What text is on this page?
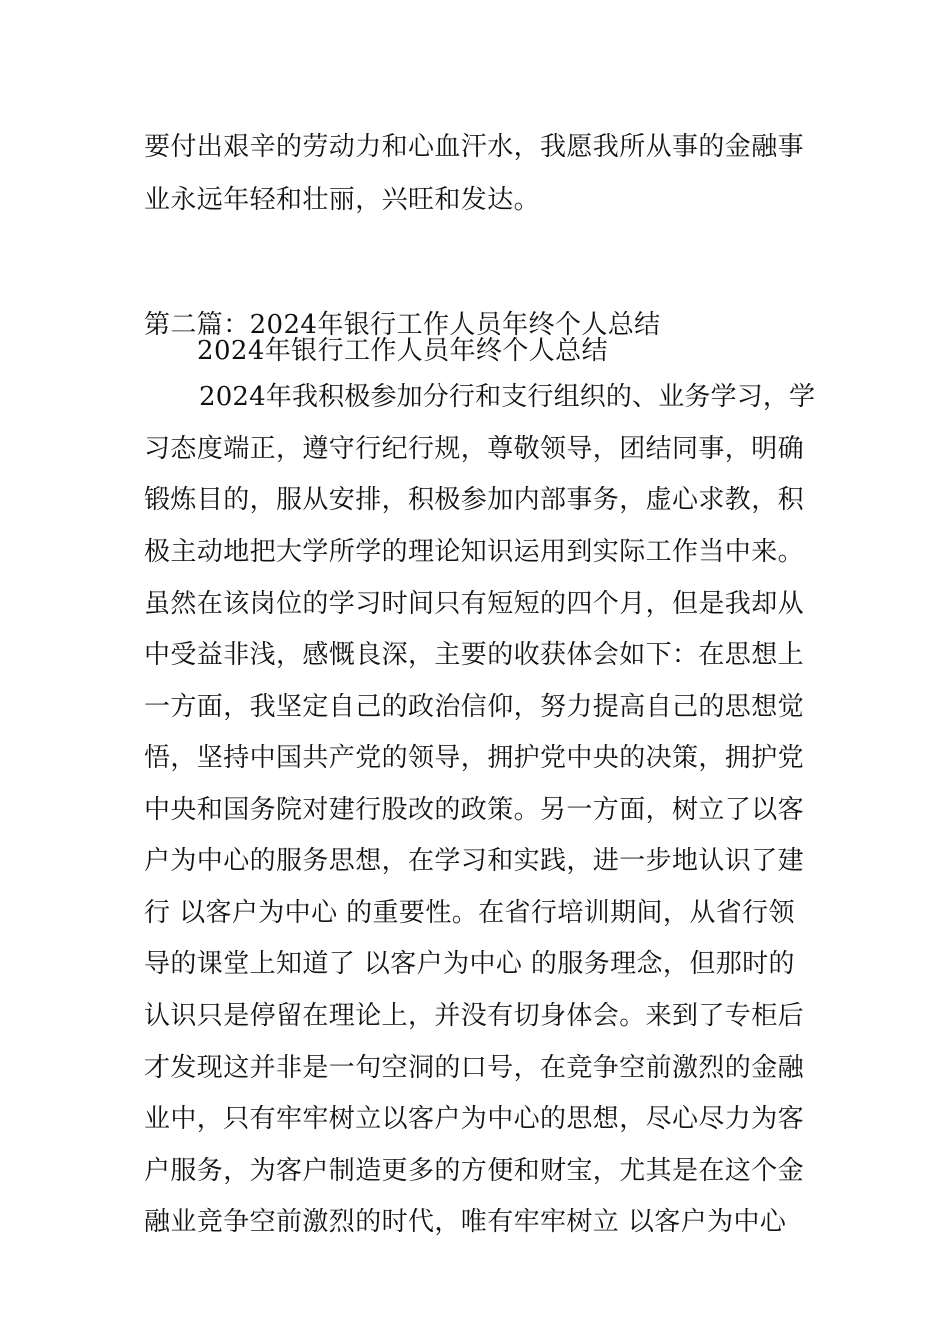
要付出艰辛的劳动力和心血汗水，我愿我所从事的金融事
业永远年轻和壮丽，兴旺和发达。
第二篇：2024年银行工作人员年终个人总结
2024年银行工作人员年终个人总结
2024年我积极参加分行和支行组织的、业务学习，学
习态度端正，遵守行纪行规，尊敬领导，团结同事，明确
锻炼目的，服从安排，积极参加内部事务，虚心求教，积
极主动地把大学所学的理论知识运用到实际工作当中来。
虽然在该岗位的学习时间只有短短的四个月，但是我却从
中受益非浅，感慨良深，主要的收获体会如下：在思想上
一方面，我坚定自己的政治信仰，努力提高自己的思想觉
悟，坚持中国共产党的领导，拥护党中央的决策，拥护党
中央和国务院对建行股改的政策。另一方面，树立了以客
户为中心的服务思想，在学习和实践，进一步地认识了建
行 以客户为中心 的重要性。在省行培训期间，从省行领
导的课堂上知道了 以客户为中心 的服务理念，但那时的
认识只是停留在理论上，并没有切身体会。来到了专柜后
才发现这并非是一句空洞的口号，在竞争空前激烈的金融
业中，只有牢牢树立以客户为中心的思想，尽心尽力为客
户服务，为客户制造更多的方便和财宝，尤其是在这个金
融业竞争空前激烈的时代，唯有牢牢树立 以客户为中心
